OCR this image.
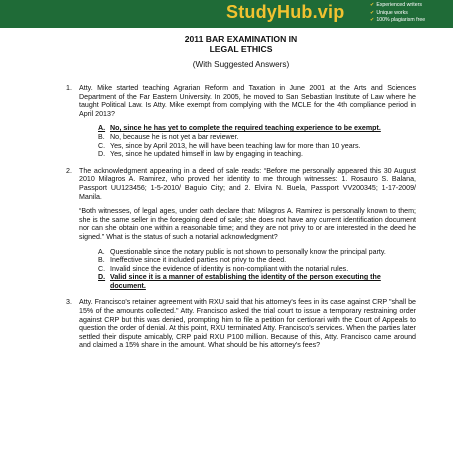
StudyHub.vip	✔ Experienced writers
✔ Unique works
✔ 100% plagiarism free
2011 BAR EXAMINATION IN
LEGAL ETHICS
(With Suggested Answers)
1. Atty. Mike started teaching Agrarian Reform and Taxation in June 2001 at the Arts and Sciences Department of the Far Eastern University. In 2005, he moved to San Sebastian Institute of Law where he taught Political Law. Is Atty. Mike exempt from complying with the MCLE for the 4th compliance period in April 2013?
A. No, since he has yet to complete the required teaching experience to be exempt.
B. No, because he is not yet a bar reviewer.
C. Yes, since by April 2013, he will have been teaching law for more than 10 years.
D. Yes, since he updated himself in law by engaging in teaching.
2. The acknowledgment appearing in a deed of sale reads: “Before me personally appeared this 30 August 2010 Milagros A. Ramirez, who proved her identity to me through witnesses: 1. Rosauro S. Balana, Passport UU123456; 1-5-2010/ Baguio City; and 2. Elvira N. Buela, Passport VV200345; 1-17-2009/ Manila.
“Both witnesses, of legal ages, under oath declare that: Milagros A. Ramirez is personally known to them; she is the same seller in the foregoing deed of sale; she does not have any current identification document nor can she obtain one within a reasonable time; and they are not privy to or are interested in the deed he signed.” What is the status of such a notarial acknowledgment?
A. Questionable since the notary public is not shown to personally know the principal party.
B. Ineffective since it included parties not privy to the deed.
C. Invalid since the evidence of identity is non-compliant with the notarial rules.
D. Valid since it is a manner of establishing the identity of the person executing the document.
3. Atty. Francisco's retainer agreement with RXU said that his attorney's fees in its case against CRP "shall be 15% of the amounts collected." Atty. Francisco asked the trial court to issue a temporary restraining order against CRP but this was denied, prompting him to file a petition for certiorari with the Court of Appeals to question the order of denial. At this point, RXU terminated Atty. Francisco's services. When the parties later settled their dispute amicably, CRP paid RXU P100 million. Because of this, Atty. Francisco came around and claimed a 15% share in the amount. What should be his attorney's fees?
